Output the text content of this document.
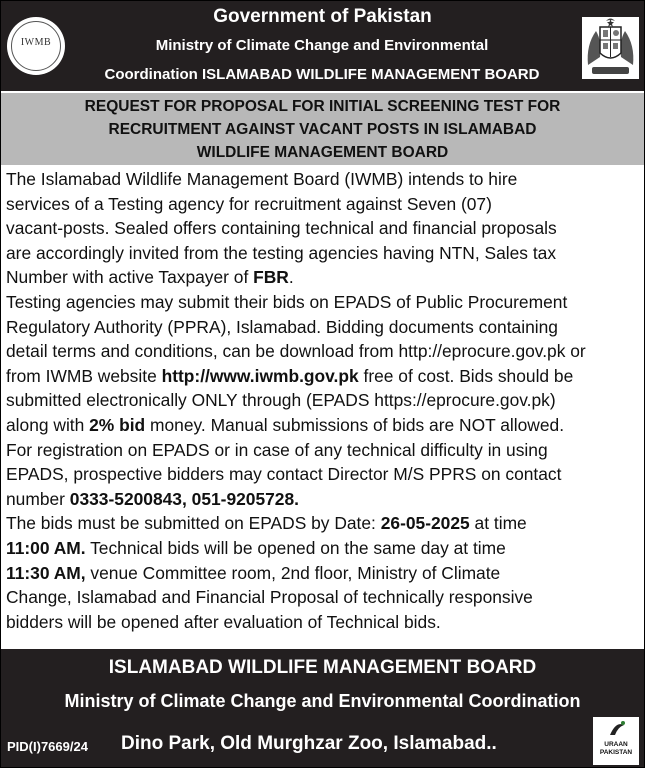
IWMB
Government of Pakistan
Ministry of Climate Change and Environmental
Coordination ISLAMABAD WILDLIFE MANAGEMENT BOARD
REQUEST FOR PROPOSAL FOR INITIAL SCREENING TEST FOR
RECRUITMENT AGAINST VACANT POSTS IN ISLAMABAD
WILDLIFE MANAGEMENT BOARD
The Islamabad Wildlife Management Board (IWMB) intends to hire
services of a Testing agency for recruitment against Seven (07)
vacant-posts. Sealed offers containing technical and financial proposals
are accordingly invited from the testing agencies having NTN, Sales tax
Number with active Taxpayer of FBR.
Testing agencies may submit their bids on EPADS of Public Procurement
Regulatory Authority (PPRA), Islamabad. Bidding documents containing
detail terms and conditions, can be download from http://eprocure.gov.pk or
from IWMB website http://www.iwmb.gov.pk free of cost. Bids should be
submitted electronically ONLY through (EPADS https://eprocure.gov.pk)
along with 2% bid money. Manual submissions of bids are NOT allowed.
For registration on EPADS or in case of any technical difficulty in using
EPADS, prospective bidders may contact Director M/S PPRS on contact
number 0333-5200843, 051-9205728.
The bids must be submitted on EPADS by Date: 26-05-2025 at time
11:00 AM. Technical bids will be opened on the same day at time
11:30 AM, venue Committee room, 2nd floor, Ministry of Climate
Change, Islamabad and Financial Proposal of technically responsive
bidders will be opened after evaluation of Technical bids.
ISLAMABAD WILDLIFE MANAGEMENT BOARD
Ministry of Climate Change and Environmental Coordination
PID(I)7669/24 Dino Park, Old Murghzar Zoo, Islamabad..	URAAN
PAKISTAN
